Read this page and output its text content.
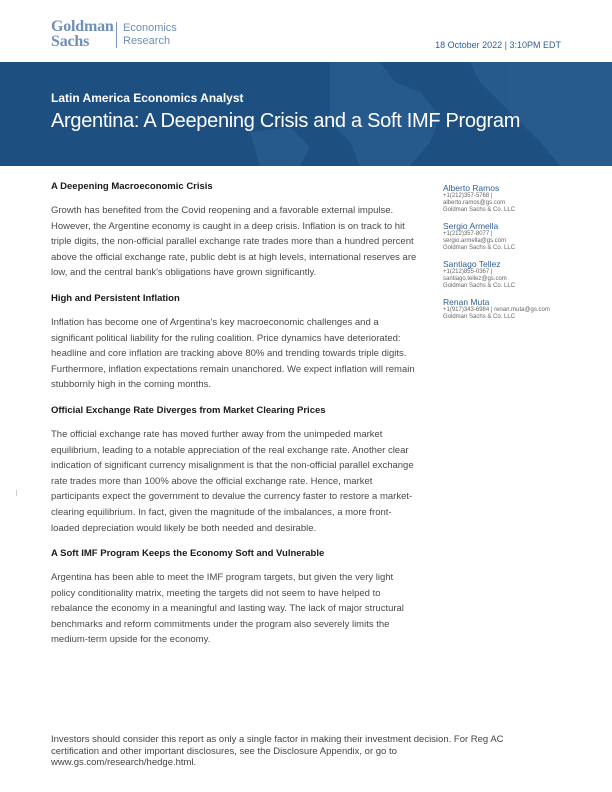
Goldman
Sachs
Economics
Research	18 October 2022 | 3:10PM EDT
Latin America Economics Analyst
Argentina: A Deepening Crisis and a Soft IMF Program
A Deepening Macroeconomic Crisis
Growth has benefited from the Covid reopening and a favorable external impulse. However, the Argentine economy is caught in a deep crisis. Inflation is on track to hit triple digits, the non-official parallel exchange rate trades more than a hundred percent above the official exchange rate, public debt is at high levels, international reserves are low, and the central bank's obligations have grown significantly.
High and Persistent Inflation
Inflation has become one of Argentina's key macroeconomic challenges and a significant political liability for the ruling coalition. Price dynamics have deteriorated: headline and core inflation are tracking above 80% and trending towards triple digits. Furthermore, inflation expectations remain unanchored. We expect inflation will remain stubbornly high in the coming months.
Official Exchange Rate Diverges from Market Clearing Prices
The official exchange rate has moved further away from the unimpeded market equilibrium, leading to a notable appreciation of the real exchange rate. Another clear indication of significant currency misalignment is that the non-official parallel exchange rate trades more than 100% above the official exchange rate. Hence, market participants expect the government to devalue the currency faster to restore a market-clearing equilibrium. In fact, given the magnitude of the imbalances, a more front-loaded depreciation would likely be both needed and desirable.
A Soft IMF Program Keeps the Economy Soft and Vulnerable
Argentina has been able to meet the IMF program targets, but given the very light policy conditionality matrix, meeting the targets did not seem to have helped to rebalance the economy in a meaningful and lasting way. The lack of major structural benchmarks and reform commitments under the program also severely limits the medium-term upside for the economy.
Alberto Ramos
+1(212)357-5768 |
alberto.ramos@gs.com
Goldman Sachs & Co. LLC
Sergio Armella
+1(212)357-8077 |
sergio.armella@gs.com
Goldman Sachs & Co. LLC
Santiago Tellez
+1(212)855-0367 |
santiago.tellez@gs.com
Goldman Sachs & Co. LLC
Renan Muta
+1(917)343-6984 | renan.muta@gs.com
Goldman Sachs & Co. LLC
Investors should consider this report as only a single factor in making their investment decision. For Reg AC certification and other important disclosures, see the Disclosure Appendix, or go to www.gs.com/research/hedge.html.
